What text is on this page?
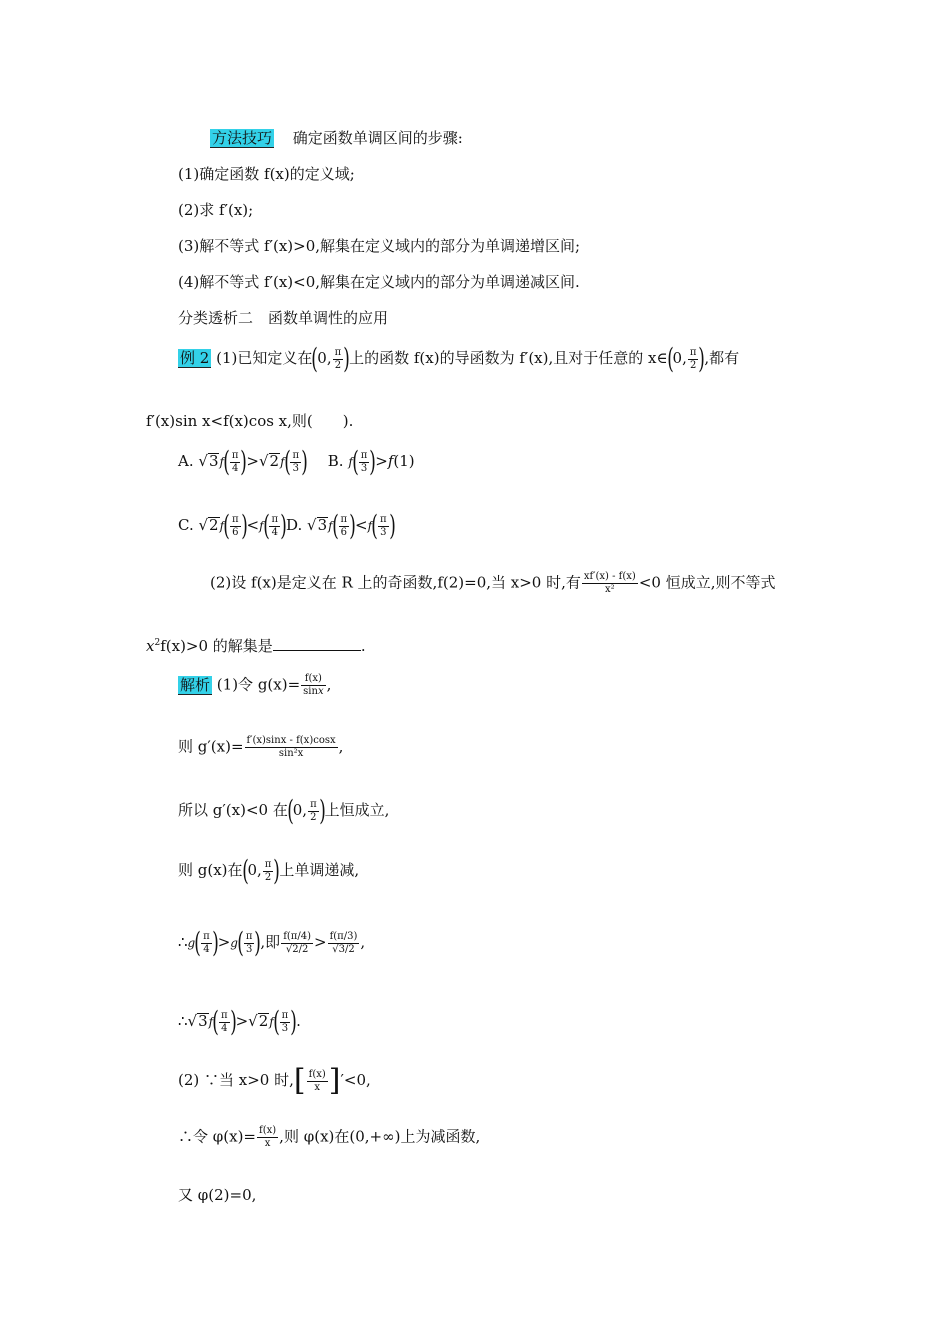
方法技巧 确定函数单调区间的步骤:
(1)确定函数 f(x)的定义域;
(2)求 f′(x);
(3)解不等式 f′(x)>0,解集在定义域内的部分为单调递增区间;
(4)解不等式 f′(x)<0,解集在定义域内的部分为单调递减区间.
分类透析二　函数单调性的应用
例 2 (1)已知定义在(0, $\frac{\pi}{2}$ )上的函数 f(x)的导函数为 f′(x),且对于任意的 x∈(0, $\frac{\pi}{2}$ ),都有
f′(x)sin x<f(x)cos x,则(　　).
A. $√3f( \frac{\pi}{4} )>√2f( \frac{\pi}{3}$ ) B. $f( \frac{\pi}{3} )>f(1)$
C. $√2f( \frac{\pi}{6} )<f( \frac{\pi}{4} )D$. $√3f( \frac{\pi}{6} )<f( \frac{\pi}{3}$ )
(2)设 f(x)是定义在 R 上的奇函数,f(2)=0,当 x>0 时,有 $\frac{xf'(x) - f(x)}{\text{x²}} <0$ 恒成立,则不等式
$x^2f(x)>0$ 的解集是	.
解析 (1)令 $g(x)= \frac{f(x)}{\sin x}$ ,
则 $g'(x)= \frac{f'(x)\sin x - f(x)\cos x}{\text{sin²x}}$ ,
所以 g′(x)<0 在(0, $\frac{\pi}{2}$ )上恒成立,
则 g(x)在(0, $\frac{\pi}{2}$ )上单调递减,
∴g( $\frac{\pi}{4} )>g( \frac{\pi}{3}$ ),即 $\frac{f(\pi/4)}{√2/2} > \frac{f(\pi/3)}{√3/2}$ ,
∴√3f( $\frac{\pi}{4} )>√2f( \frac{\pi}{3}$ ).
(2) ∵当 x>0 时,[ $\frac{f(x)}{x} ]'<0$,
∴令 $\varphi(x)= \frac{f(x)}{x}$ ,则 φ(x)在(0,+∞)上为减函数,
又 φ(2)=0,
